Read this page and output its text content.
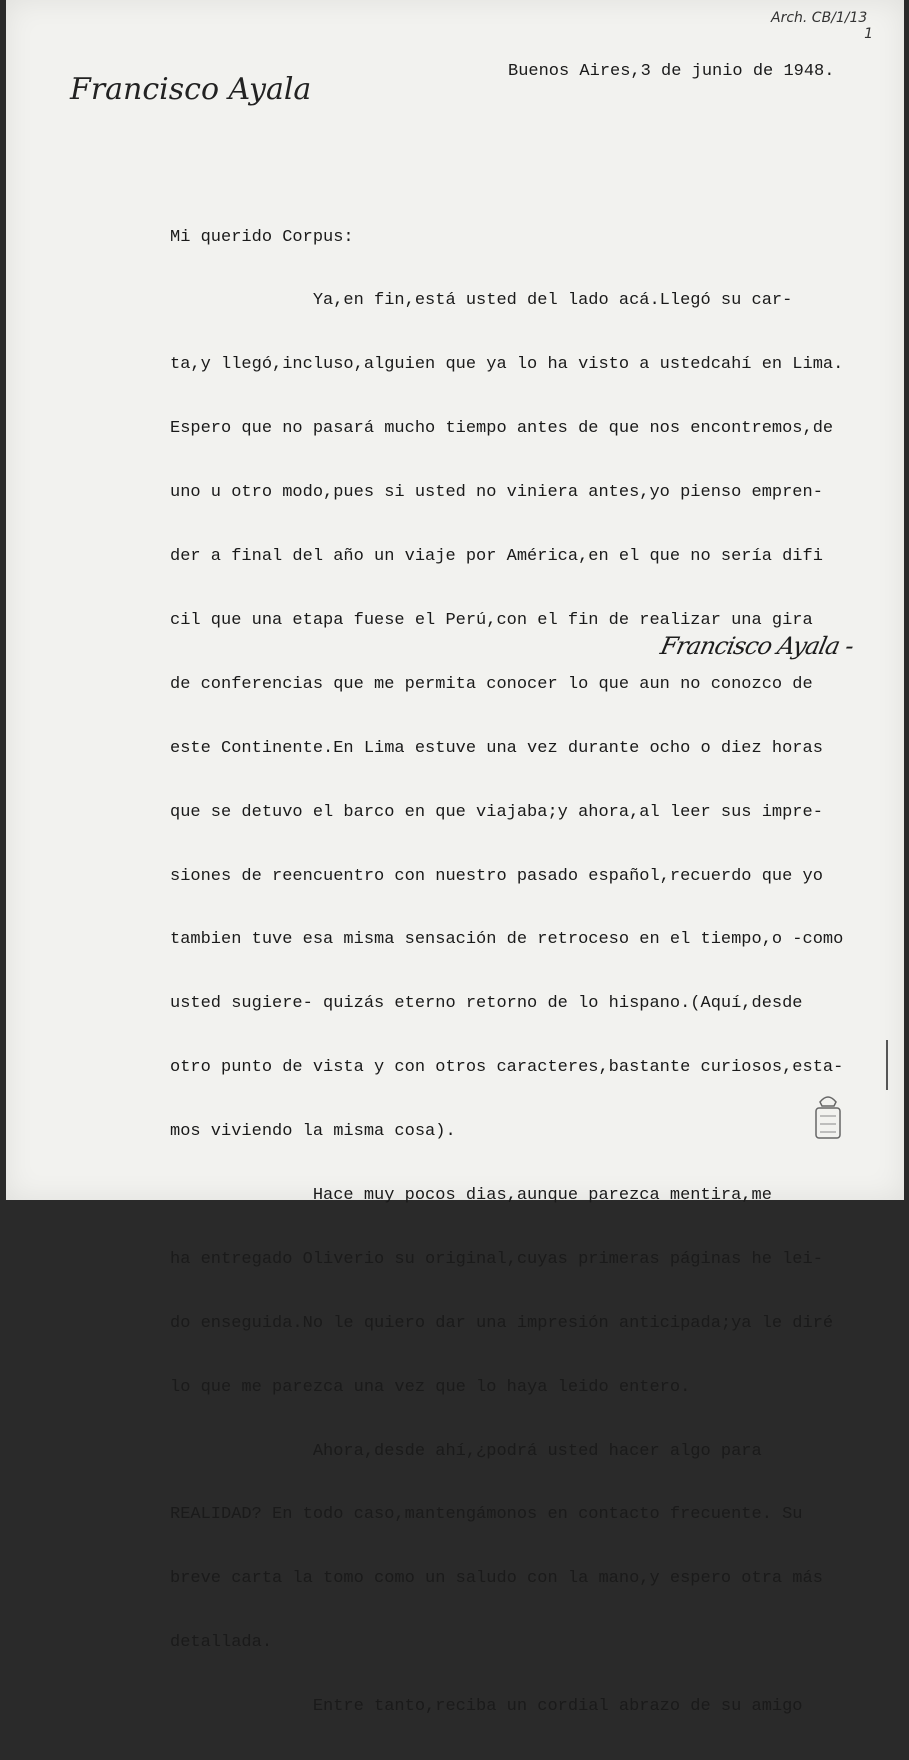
Arch. CB/1/13
1
Francisco Ayala
Buenos Aires,3 de junio de 1948.

Mi querido Corpus:

Ya,en fin,está usted del lado acá.Llegó su car-

ta,y llegó,incluso,alguien que ya lo ha visto a ustedcahí en Lima.

Espero que no pasará mucho tiempo antes de que nos encontremos,de

uno u otro modo,pues si usted no viniera antes,yo pienso empren-

der a final del año un viaje por América,en el que no sería difi

cil que una etapa fuese el Perú,con el fin de realizar una gira

de conferencias que me permita conocer lo que aun no conozco de

este Continente.En Lima estuve una vez durante ocho o diez horas

que se detuvo el barco en que viajaba;y ahora,al leer sus impre-

siones de reencuentro con nuestro pasado español,recuerdo que yo

tambien tuve esa misma sensación de retroceso en el tiempo,o -como

usted sugiere- quizás eterno retorno de lo hispano.(Aquí,desde

otro punto de vista y con otros caracteres,bastante curiosos,esta-

mos viviendo la misma cosa).

Hace muy pocos dias,aunque parezca mentira,me

ha entregado Oliverio su original,cuyas primeras páginas he lei-

do enseguida.No le quiero dar una impresión anticipada;ya le diré

lo que me parezca una vez que lo haya leido entero.

Ahora,desde ahí,¿podrá usted hacer algo para

REALIDAD? En todo caso,mantengámonos en contacto frecuente. Su

breve carta la tomo como un saludo con la mano,y espero otra más

detallada.

Entre tanto,reciba un cordial abrazo de su amigo

Francisco Ayala -
